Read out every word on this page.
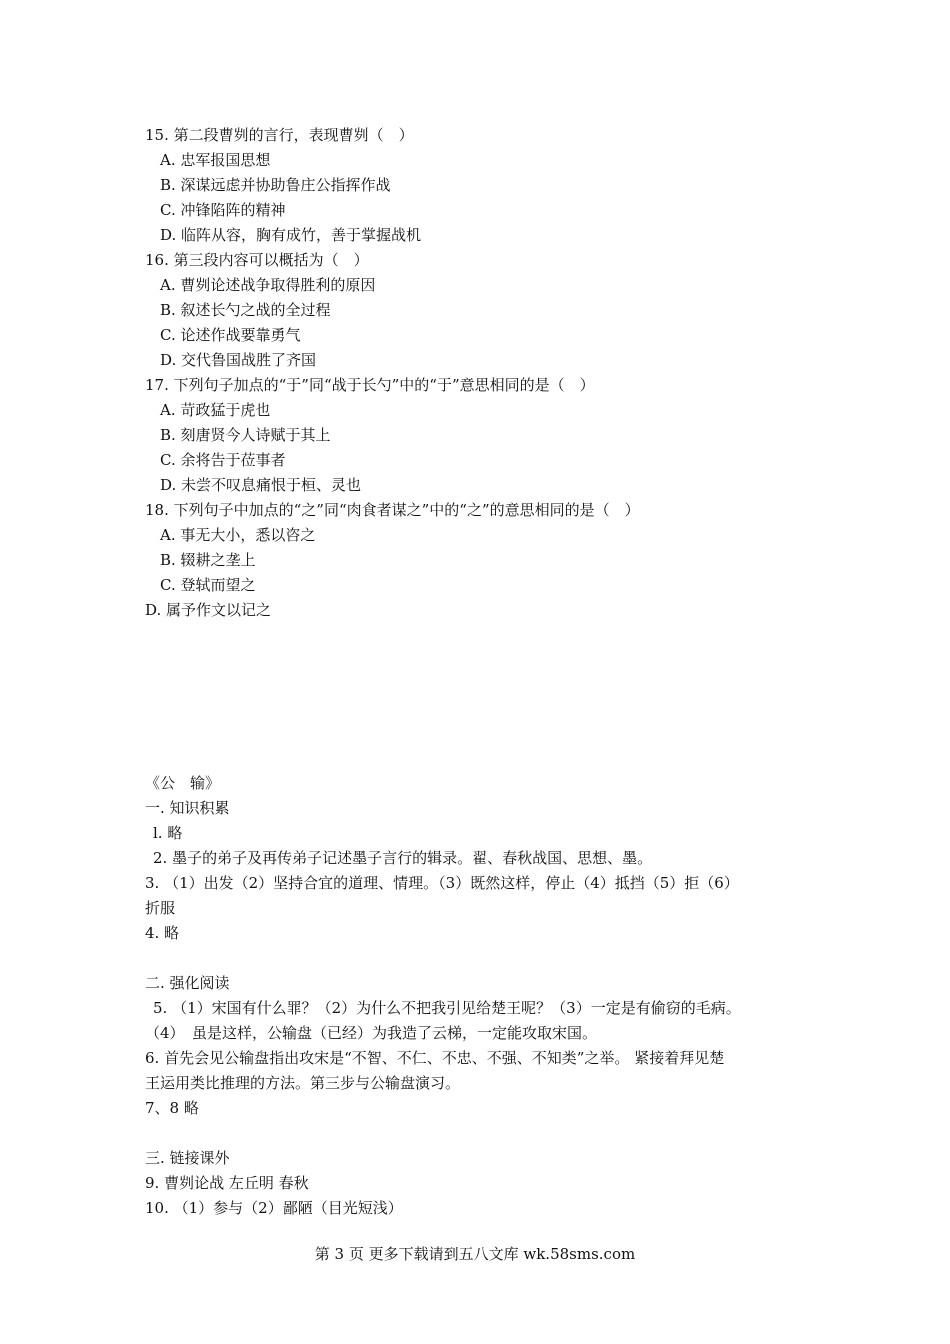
15. 第二段曹刿的言行，表现曹刿（　）
A. 忠军报国思想
B. 深谋远虑并协助鲁庄公指挥作战
C. 冲锋陷阵的精神
D. 临阵从容，胸有成竹，善于掌握战机
16. 第三段内容可以概括为（　）
A. 曹刿论述战争取得胜利的原因
B. 叙述长勺之战的全过程
C. 论述作战要靠勇气
D. 交代鲁国战胜了齐国
17. 下列句子加点的“于”同“战于长勺”中的“于”意思相同的是（　）
A. 苛政猛于虎也
B. 刻唐贤今人诗赋于其上
C. 余将告于莅事者
D. 未尝不叹息痛恨于桓、灵也
18. 下列句子中加点的“之”同“肉食者谋之”中的“之”的意思相同的是（　）
A. 事无大小，悉以咨之
B. 辍耕之垄上
C. 登轼而望之
D. 属予作文以记之
《公　输》
一. 知识积累
l. 略
2. 墨子的弟子及再传弟子记述墨子言行的辑录。翟、春秋战国、思想、墨。
3. （1）出发（2）坚持合宜的道理、情理。（3）既然这样，停止（4）抵挡（5）拒（6）
折服
4. 略
二. 强化阅读
5. （1）宋国有什么罪？（2）为什么不把我引见给楚王呢？（3）一定是有偷窃的毛病。
（4）　虽是这样，公输盘（已经）为我造了云梯，一定能攻取宋国。
6. 首先会见公输盘指出攻宋是“不智、不仁、不忠、不强、不知类”之举。 紧接着拜见楚
王运用类比推理的方法。第三步与公输盘演习。
7、8 略
三. 链接课外
9. 曹刿论战 左丘明 春秋
10. （1）参与（2）鄙陋（目光短浅）
第 3 页 更多下载请到五八文库 wk.58sms.com
